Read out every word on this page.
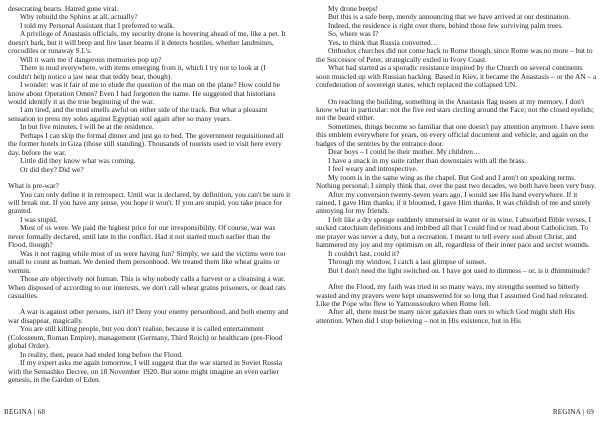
desecrating hearts. Hatred gone viral.

Why rebuild the Sphinx at all, actually?

I told my Personal Assistant that I preferred to walk.

A privilege of Anastasis officials, my security drone is hovering ahead of me, like a pet. It doesn't bark, but it will beep and fire laser beams if it detects hostiles, whether landmines, crocodiles or runaway S.I.'s.

Will it warn me if dangerous memories pop up?

There is mud everywhere, with items emerging from it, which I try not to look at (I couldn't help notice a jaw near that teddy bear, though).

I wonder: was it fair of me to elude the question of the man on the plane? How could he know about Operation Omen? Even I had forgotten the name. He suggested that historians would identify it as the true beginning of the war.

I am tired, and the mud smells awful on either side of the track. But what a pleasant sensation to press my soles against Egyptian soil again after so many years.

In but five minutes, I will be at the residence.

Perhaps I can skip the formal dinner and just go to bed. The government requisitioned all the former hotels in Giza (those still standing). Thousands of tourists used to visit here every day, before the war.

Little did they know what was coming.

Or did they? Did we?

What is pre-war?

You can only define it in retrospect. Until war is declared, by definition, you can't be sure it will break out. If you have any sense, you hope it won't. If you are stupid, you take peace for granted.

I was stupid.

Most of us were. We paid the highest price for our irresponsibility. Of course, war was never formally declared, until late in the conflict. Had it not started much earlier than the Flood, though?

Was it not raging while most of us were having fun? Simply, we said the victims were too small to count as human. We denied them personhood. We treated them like wheat grains or vermin.

Those are objectively not human. This is why nobody calls a harvest or a cleansing a war. When disposed of according to our interests, we don't call wheat grains prisoners, or dead rats casualties.

A war is against other persons, isn't it? Deny your enemy personhood, and both enemy and war disappear, magically.

You are still killing people, but you don't realise, because it is called entertainment (Colosseum, Roman Empire), management (Germany, Third Reich) or healthcare (pre-Flood global Order).

In reality, then, peace had ended long before the Flood.

If my expert asks me again tomorrow, I will suggest that the war started in Soviet Russia with the Semashko Decree, on 18 November 1920. But some might imagine an even earlier genesis, in the Garden of Eden.

My drone beeps!

But this is a safe beep, merely announcing that we have arrived at our destination.

Indeed, the residence is right over there, behind those few surviving palm trees.

So, where was I?

Yes, to think that Russia converted…

Orthodox churches did not come back to Rome though, since Rome was no more – but to the Successor of Peter, strategically exiled in Ivory Coast.

What had started as a sporadic resistance inspired by the Church on several continents soon muscled up with Russian backing. Based in Kiev, it became the Anastasis – or the AN – a confederation of sovereign states, which replaced the collapsed UN.

On reaching the building, something in the Anastasis flag teases at my memory. I don't know what in particular: not the five red stars circling around the Face; not the closed eyelids; not the beard either.

Sometimes, things become so familiar that one doesn't pay attention anymore. I have seen this emblem everywhere for years, on every official document and vehicle, and again on the badges of the sentries by the entrance door.

Dear boys – I could be their mother. My children…

I have a snack in my suite rather than downstairs with all the brass.

I feel weary and introspective.

My room is in the same wing as the chapel. But God and I aren't on speaking terms. Nothing personal; I simply think that, over the past two decades, we both have been very busy.

After my conversion twenty-seven years ago, I would see His hand everywhere. If it rained, I gave Him thanks; if it bloomed, I gave Him thanks. It was childish of me and surely annoying for my friends.

I felt like a dry sponge suddenly immersed in water or in wine. I absorbed Bible verses, I sucked catechism definitions and imbibed all that I could find or read about Catholicism. To me prayer was never a duty, but a recreation. I meant to tell every soul about Christ, and hammered my joy and my optimism on all, regardless of their inner pace and secret wounds.

It couldn't last, could it?

Through my window, I catch a last glimpse of sunset.

But I don't need the light switched on. I have got used to dimness – or, is it dhimmitude?

After the Flood, my faith was tried in so many ways, my strengths seemed so bitterly wasted and my prayers were kept unanswered for so long that I assumed God had relocated. Like the Pope who flew to Yamoussoukro when Rome fell.

After all, there must be many nicer galaxies than ours to which God might shift His attention. When did I stop believing – not in His existence, but in His

REGINA | 68	REGINA | 69
